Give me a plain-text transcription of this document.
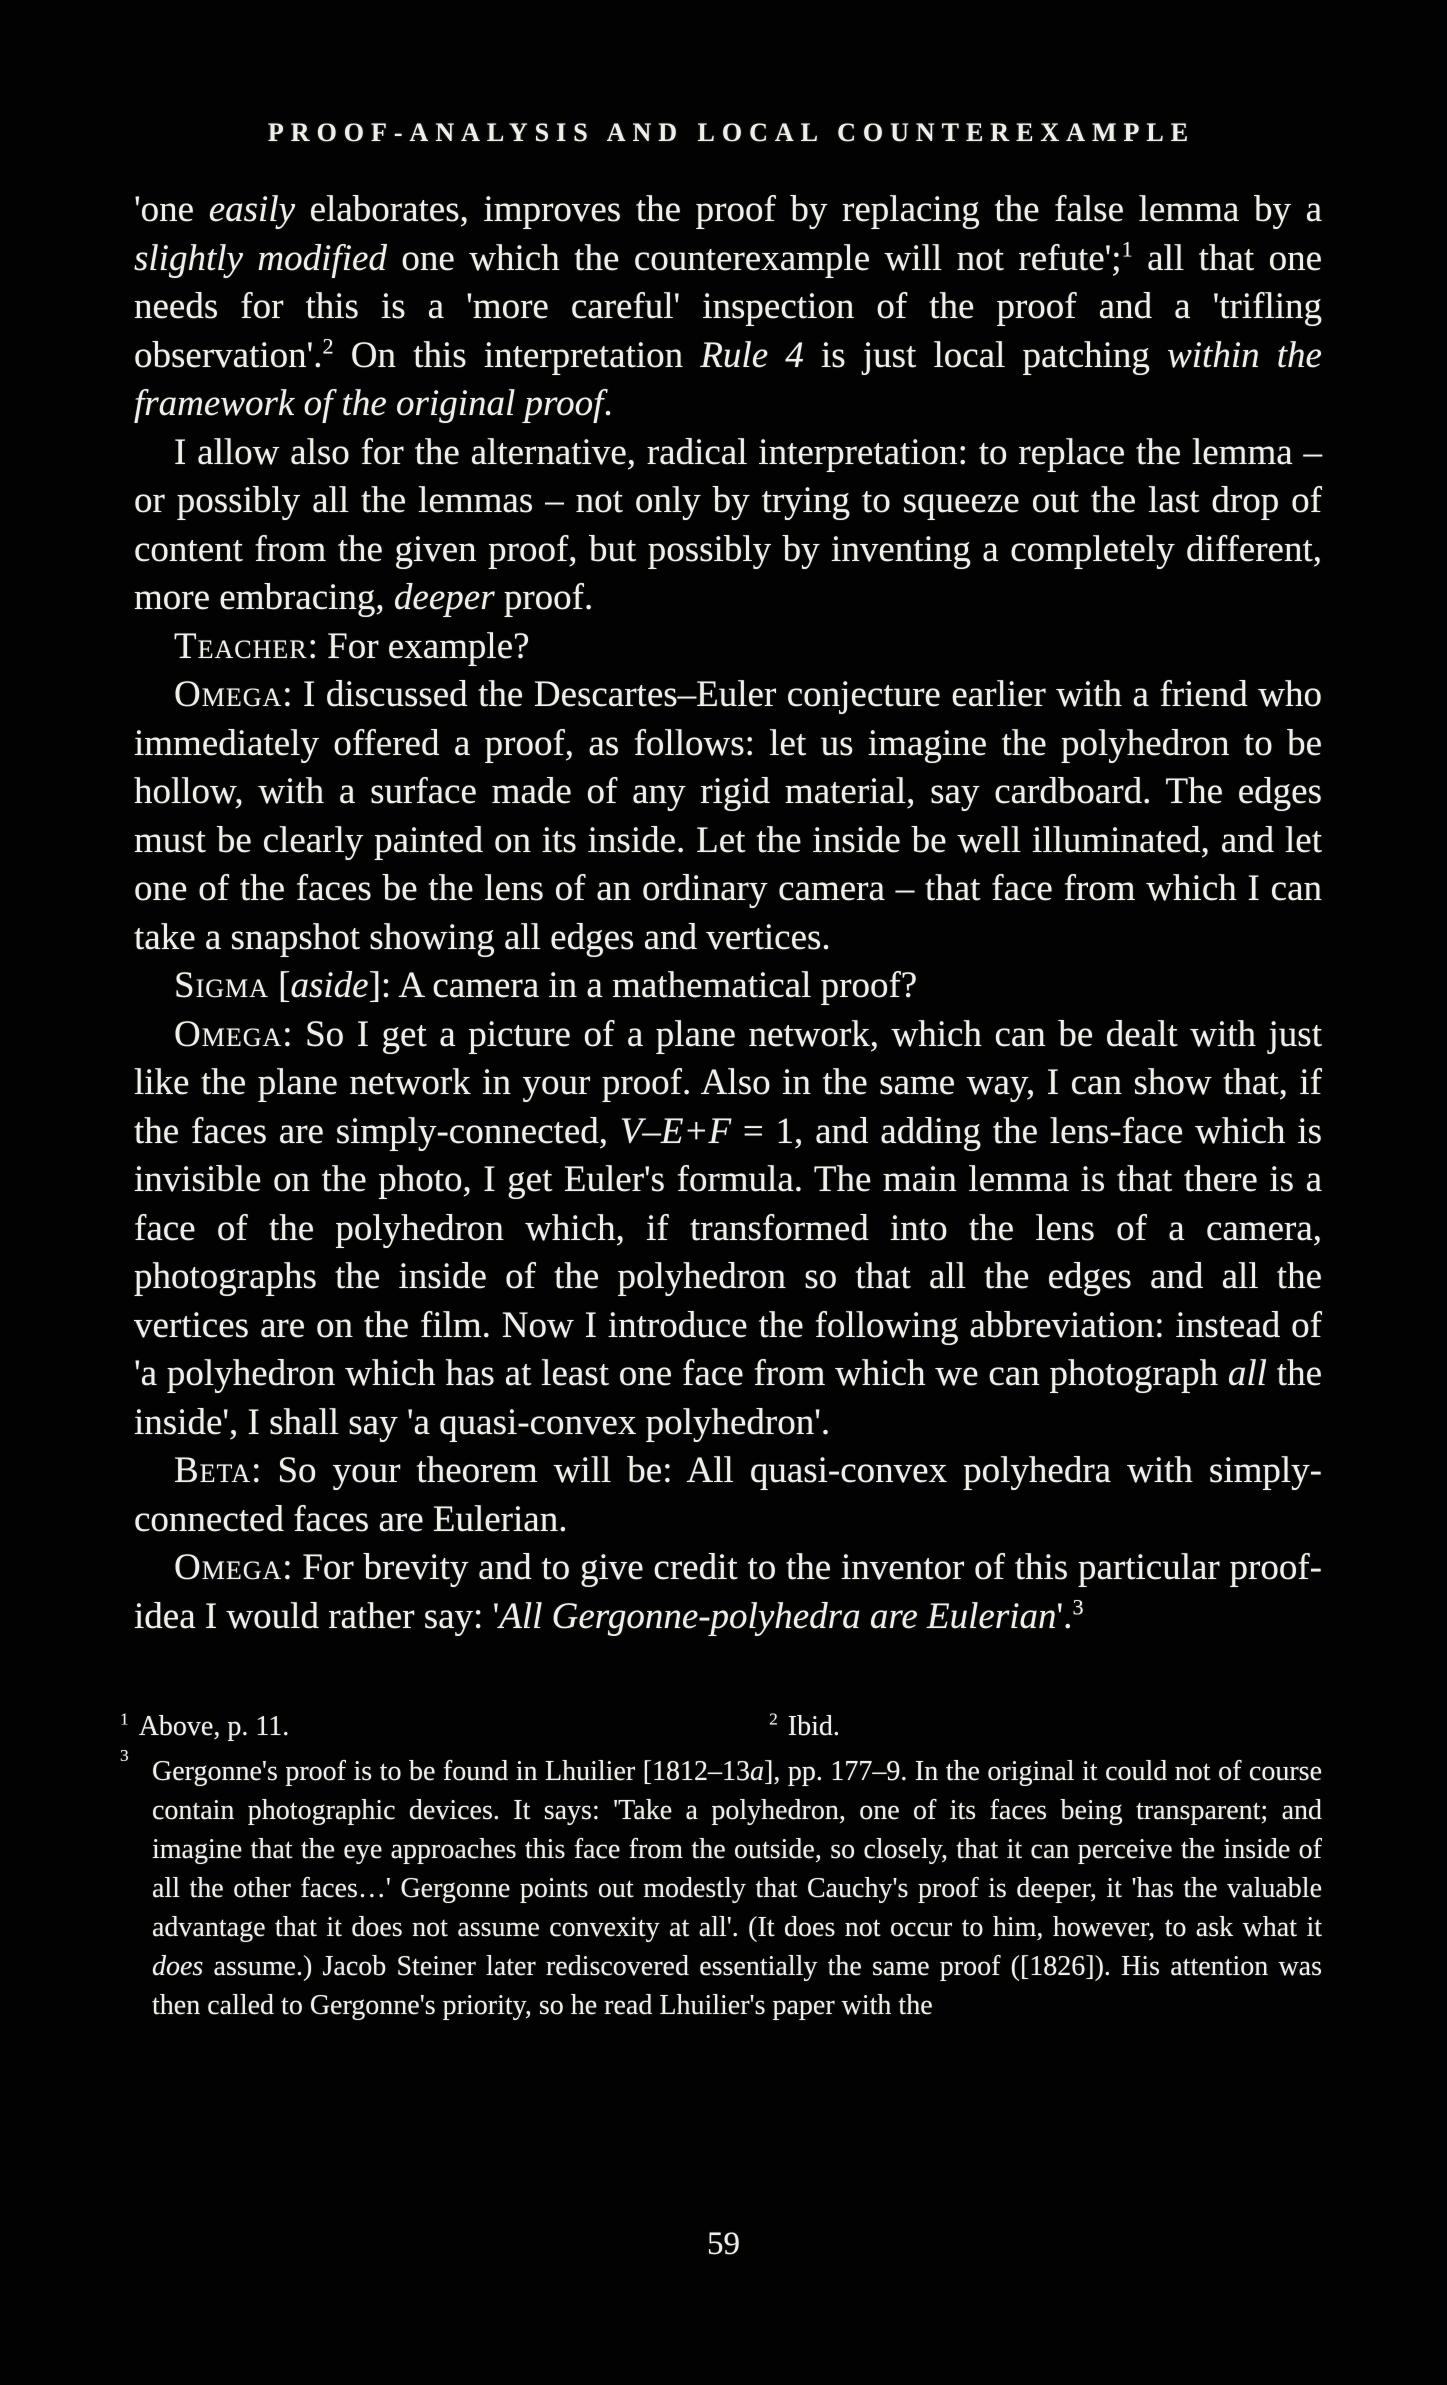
PROOF-ANALYSIS AND LOCAL COUNTEREXAMPLE

'one easily elaborates, improves the proof by replacing the false lemma by a slightly modified one which the counterexample will not refute';$^1$ all that one needs for this is a 'more careful' inspection of the proof and a 'trifling observation'.$^2$ On this interpretation Rule 4 is just local patching within the framework of the original proof.

I allow also for the alternative, radical interpretation: to replace the lemma – or possibly all the lemmas – not only by trying to squeeze out the last drop of content from the given proof, but possibly by inventing a completely different, more embracing, deeper proof.

Teacher: For example?

Omega: I discussed the Descartes–Euler conjecture earlier with a friend who immediately offered a proof, as follows: let us imagine the polyhedron to be hollow, with a surface made of any rigid material, say cardboard. The edges must be clearly painted on its inside. Let the inside be well illuminated, and let one of the faces be the lens of an ordinary camera – that face from which I can take a snapshot showing all edges and vertices.

Sigma [aside]: A camera in a mathematical proof?

Omega: So I get a picture of a plane network, which can be dealt with just like the plane network in your proof. Also in the same way, I can show that, if the faces are simply-connected, V–E+F = 1, and adding the lens-face which is invisible on the photo, I get Euler's formula. The main lemma is that there is a face of the polyhedron which, if transformed into the lens of a camera, photographs the inside of the polyhedron so that all the edges and all the vertices are on the film. Now I introduce the following abbreviation: instead of 'a polyhedron which has at least one face from which we can photograph all the inside', I shall say 'a quasi-convex polyhedron'.

Beta: So your theorem will be: All quasi-convex polyhedra with simply-connected faces are Eulerian.

Omega: For brevity and to give credit to the inventor of this particular proof-idea I would rather say: 'All Gergonne-polyhedra are Eulerian'.$^3$

$^1$ Above, p. 11.	$^2$ Ibid.
3
Gergonne's proof is to be found in Lhuilier [1812–13a], pp. 177–9. In the original it could not of course contain photographic devices. It says: 'Take a polyhedron, one of its faces being transparent; and imagine that the eye approaches this face from the outside, so closely, that it can perceive the inside of all the other faces…' Gergonne points out modestly that Cauchy's proof is deeper, it 'has the valuable advantage that it does not assume convexity at all'. (It does not occur to him, however, to ask what it does assume.) Jacob Steiner later rediscovered essentially the same proof ([1826]). His attention was then called to Gergonne's priority, so he read Lhuilier's paper with the
59
